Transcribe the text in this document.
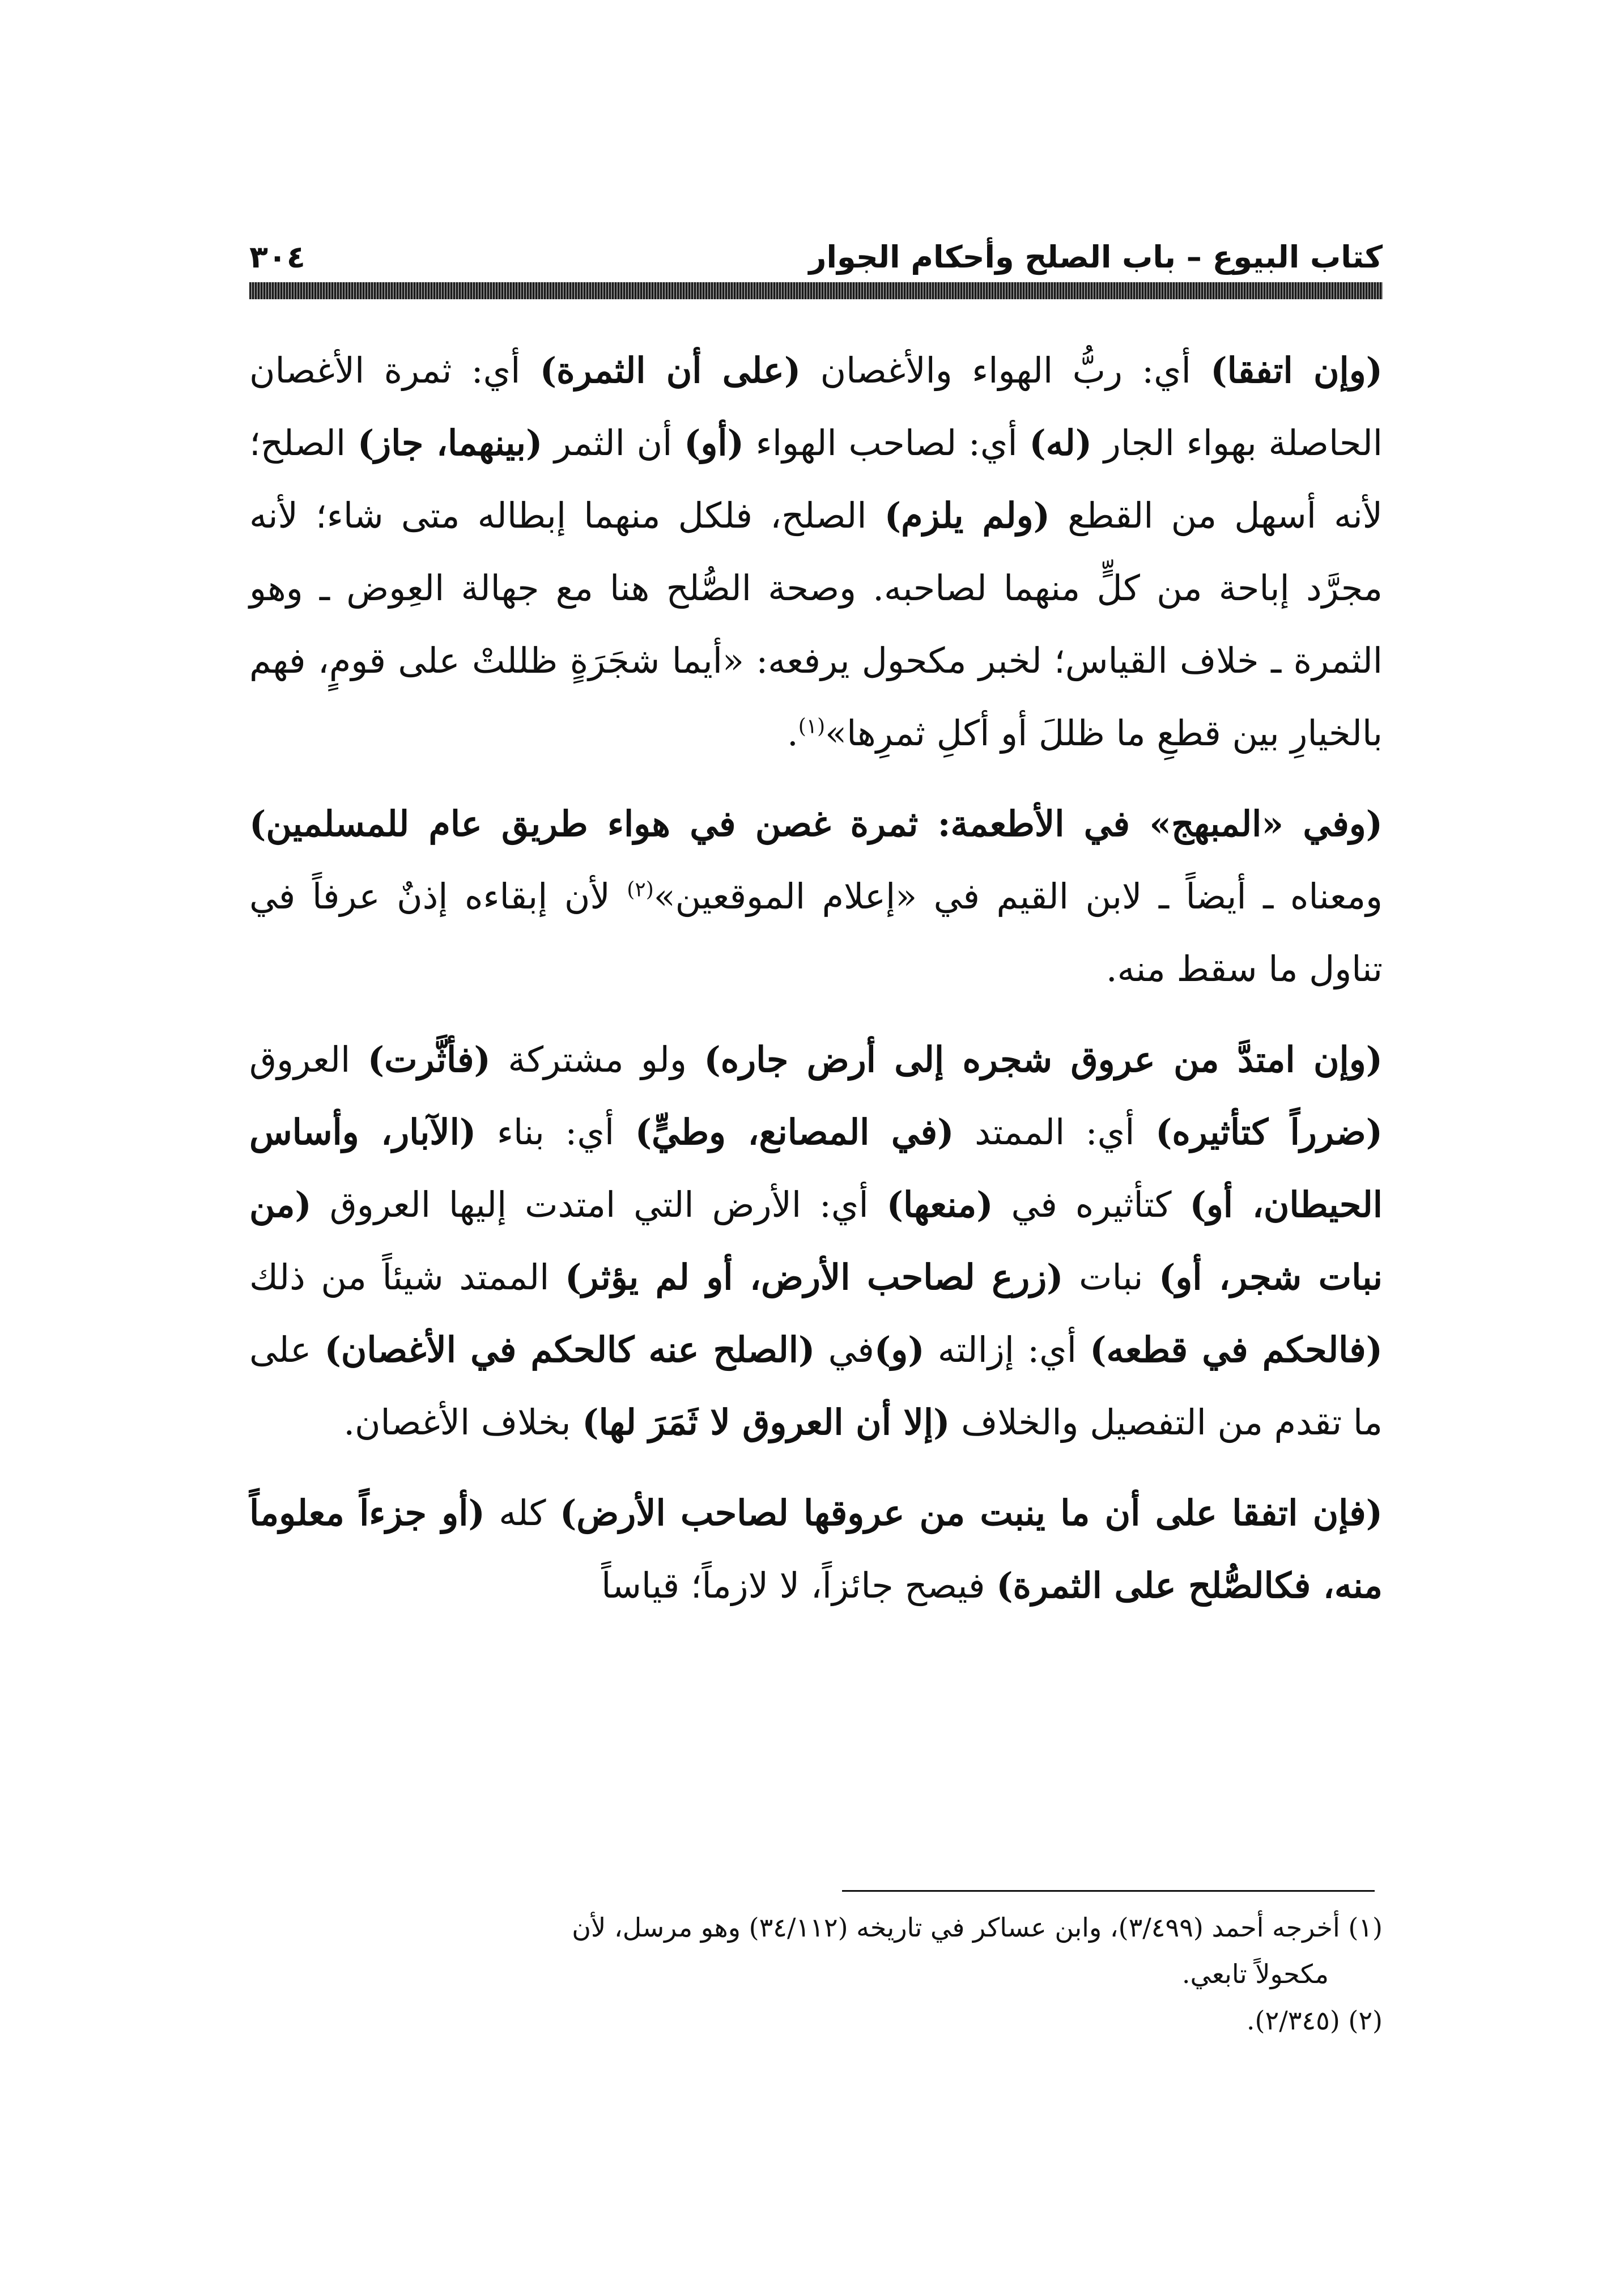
كتاب البيوع – باب الصلح وأحكام الجوار
٣٠٤

(وإن اتفقا) أي: ربُّ الهواء والأغصان (على أن الثمرة) أي: ثمرة الأغصان الحاصلة بهواء الجار (له) أي: لصاحب الهواء (أو) أن الثمر (بينهما، جاز) الصلح؛ لأنه أسهل من القطع (ولم يلزم) الصلح، فلكل منهما إبطاله متى شاء؛ لأنه مجرَّد إباحة من كلٍّ منهما لصاحبه. وصحة الصُّلح هنا مع جهالة العِوض ـ وهو الثمرة ـ خلاف القياس؛ لخبر مكحول يرفعه: «أيما شجَرَةٍ ظللتْ على قومٍ، فهم بالخيارِ بين قطعِ ما ظللَ أو أكلِ ثمرِها»$^{(١)}$.

(وفي «المبهج» في الأطعمة: ثمرة غصن في هواء طريق عام للمسلمين) ومعناه ـ أيضاً ـ لابن القيم في «إعلام الموقعين»$^{(٢)}$ لأن إبقاءه إذنٌ عرفاً في تناول ما سقط منه.

(وإن امتدَّ من عروق شجره إلى أرض جاره) ولو مشتركة (فأثَّرت) العروق (ضرراً كتأثيره) أي: الممتد (في المصانع، وطيٍّ) أي: بناء (الآبار، وأساس الحيطان، أو) كتأثيره في (منعها) أي: الأرض التي امتدت إليها العروق (من نبات شجر، أو) نبات (زرع لصاحب الأرض، أو لم يؤثر) الممتد شيئاً من ذلك (فالحكم في قطعه) أي: إزالته (و)في (الصلح عنه كالحكم في الأغصان) على ما تقدم من التفصيل والخلاف (إلا أن العروق لا ثَمَرَ لها) بخلاف الأغصان.

(فإن اتفقا على أن ما ينبت من عروقها لصاحب الأرض) كله (أو جزءاً معلوماً منه، فكالصُّلح على الثمرة) فيصح جائزاً، لا لازماً؛ قياساً

(١) أخرجه أحمد (٣/٤٩٩)، وابن عساكر في تاريخه (٣٤/١١٢) وهو مرسل، لأن
مكحولاً تابعي.
(٢) (٢/٣٤٥).
